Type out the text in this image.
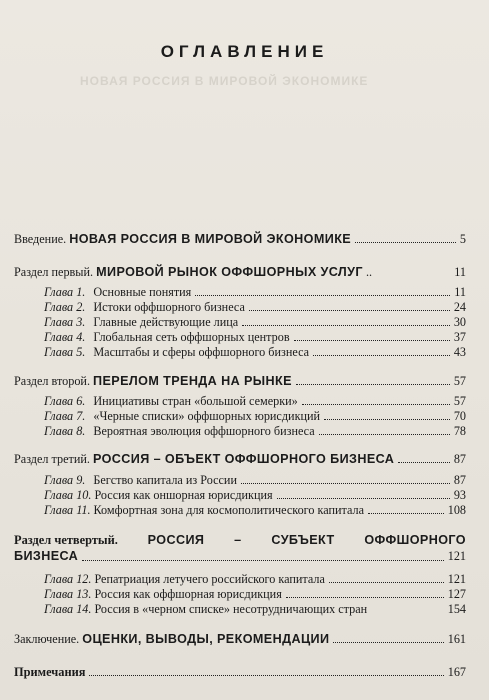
НОВАЯ РОССИЯ В МИРОВОЙ ЭКОНОМИКЕ
ОГЛАВЛЕНИЕ
Введение. НОВАЯ РОССИЯ В МИРОВОЙ ЭКОНОМИКЕ	5
Раздел первый. МИРОВОЙ РЫНОК ОФФШОРНЫХ УСЛУГ ..	11
Глава 1. Основные понятия	11
Глава 2. Истоки оффшорного бизнеса	24
Глава 3. Главные действующие лица	30
Глава 4. Глобальная сеть оффшорных центров	37
Глава 5. Масштабы и сферы оффшорного бизнеса	43
Раздел второй. ПЕРЕЛОМ ТРЕНДА НА РЫНКЕ	57
Глава 6. Инициативы стран «большой семерки»	57
Глава 7. «Черные списки» оффшорных юрисдикций	70
Глава 8. Вероятная эволюция оффшорного бизнеса	78
Раздел третий. РОССИЯ – ОБЪЕКТ ОФФШОРНОГО БИЗНЕСА	87
Глава 9. Бегство капитала из России	87
Глава 10. Россия как оншорная юрисдикция	93
Глава 11. Комфортная зона для космополитического капитала	108
Раздел четвертый. РОССИЯ – СУБЪЕКТ ОФФШОРНОГО
БИЗНЕСА	121
Глава 12. Репатриация летучего российского капитала	121
Глава 13. Россия как оффшорная юрисдикция	127
Глава 14. Россия в «черном списке» несотрудничающих стран	154
Заключение. ОЦЕНКИ, ВЫВОДЫ, РЕКОМЕНДАЦИИ	161
Примечания	167
